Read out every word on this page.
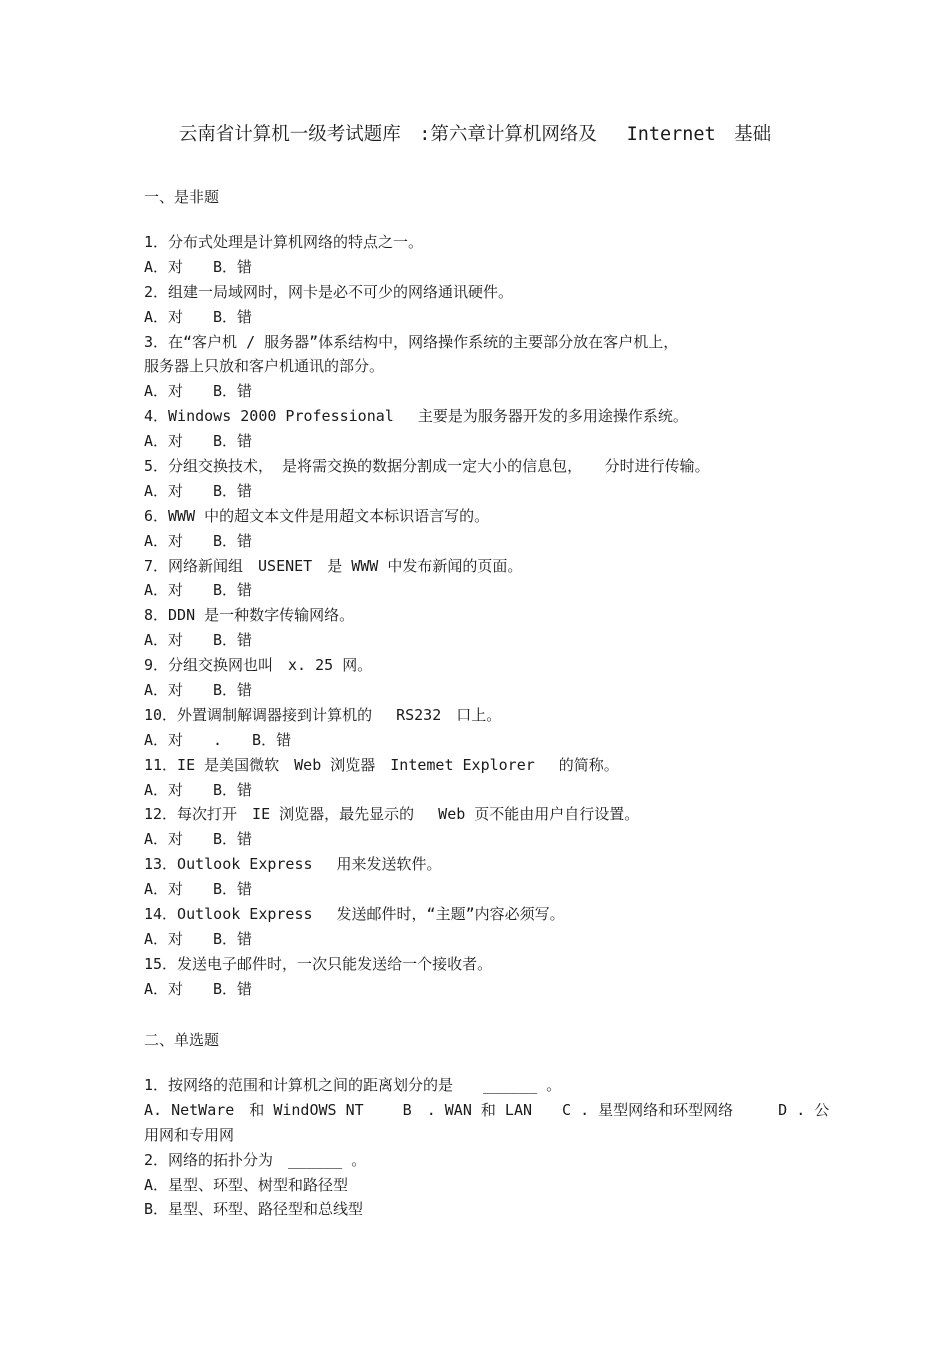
云南省计算机一级考试题库　:第六章计算机网络及　 Internet　基础
一、是非题
1．分布式处理是计算机网络的特点之一。
A．对　　B．错
2．组建一局域网时，网卡是必不可少的网络通讯硬件。
A．对　　B．错
3．在“客户机 / 服务器”体系结构中，网络操作系统的主要部分放在客户机上，
服务器上只放和客户机通讯的部分。
A．对　　B．错
4．Windows 2000 Professional　 主要是为服务器开发的多用途操作系统。
A．对　　B．错
5．分组交换技术， 是将需交换的数据分割成一定大小的信息包，　　分时进行传输。
A．对　　B．错
6．WWW 中的超文本文件是用超文本标识语言写的。
A．对　　B．错
7．网络新闻组　USENET　是 WWW 中发布新闻的页面。
A．对　　B．错
8．DDN 是一种数字传输网络。
A．对　　B．错
9．分组交换网也叫　x. 25 网。
A．对　　B．错
10．外置调制解调器接到计算机的　 RS232　口上。
A．对　　.　　B．错
11．IE 是美国微软　Web 浏览器　Intemet Explorer　 的简称。
A．对　　B．错
12．每次打开　IE 浏览器，最先显示的　 Web 页不能由用户自行设置。
A．对　　B．错
13．Outlook Express　 用来发送软件。
A．对　　B．错
14．Outlook Express　 发送邮件时，“主题”内容必须写。
A．对　　B．错
15．发送电子邮件时，一次只能发送给一个接收者。
A．对　　B．错
二、单选题
1．按网络的范围和计算机之间的距离划分的是　　______ 。
A. NetWare　和 WindOWS NT　　 B　. WAN 和 LAN　　C . 星型网络和环型网络　　　D . 公
用网和专用网
2．网络的拓扑分为　______ 。
A．星型、环型、树型和路径型
B．星型、环型、路径型和总线型
